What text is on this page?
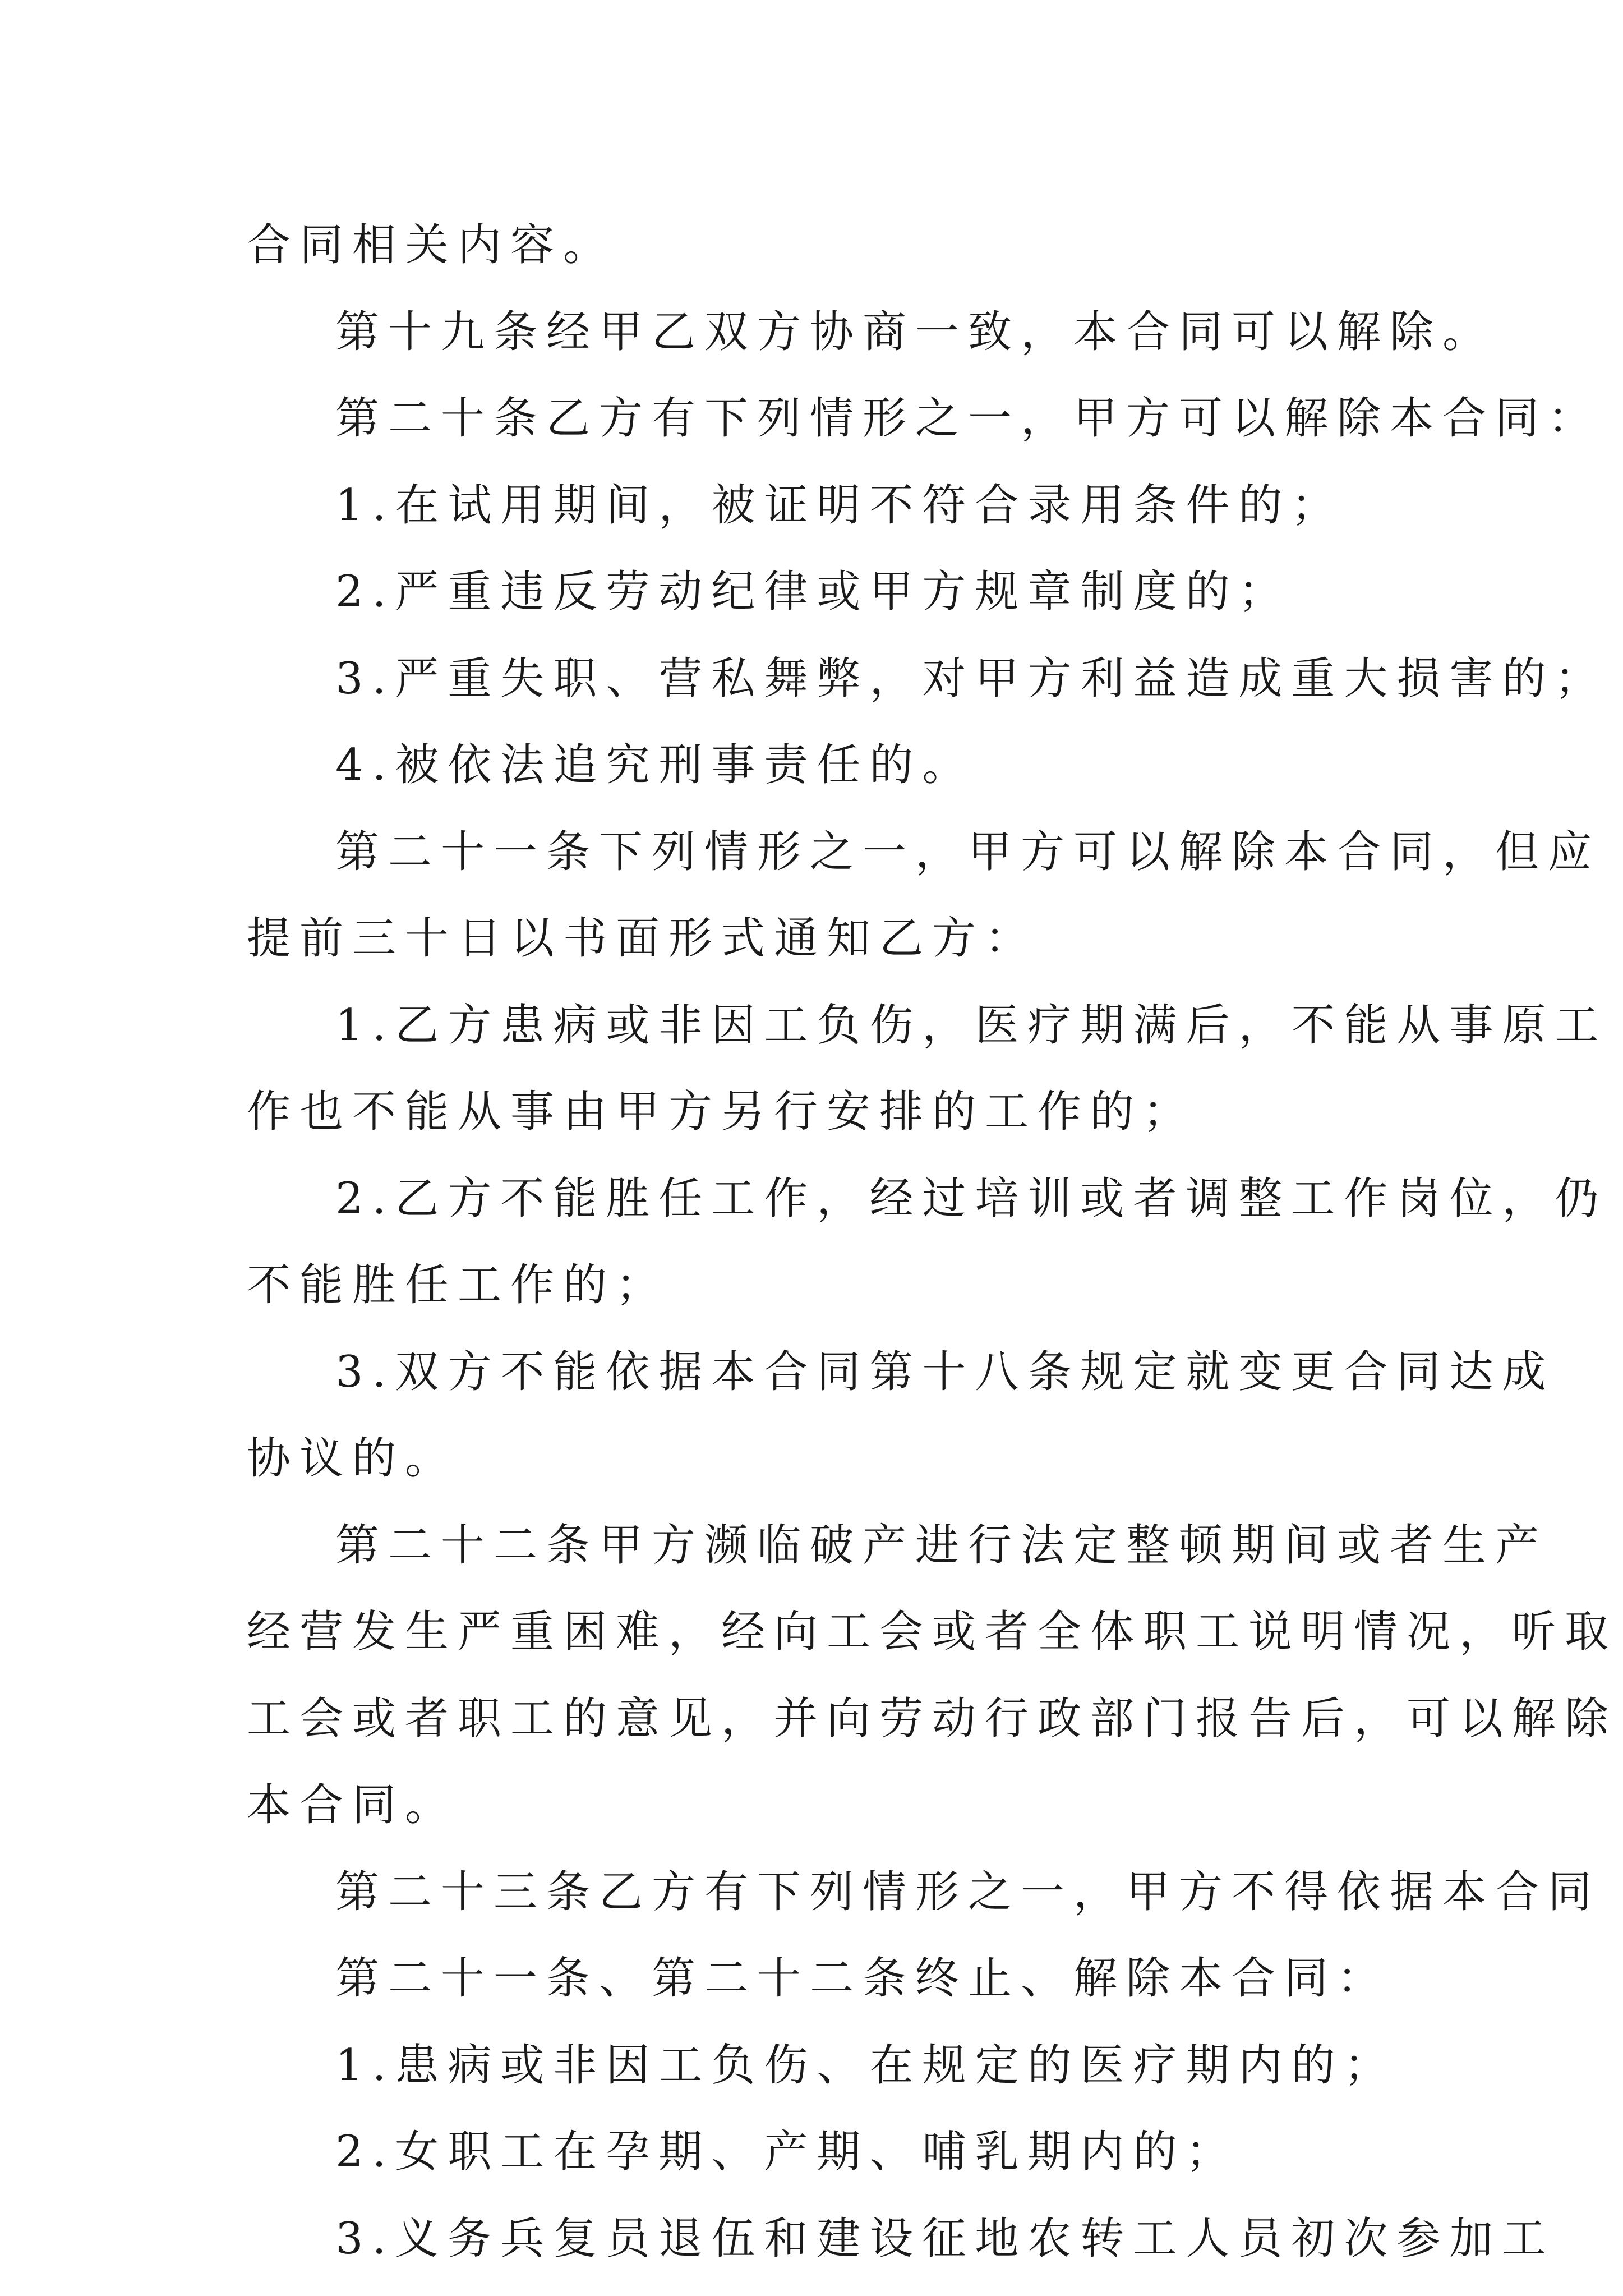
合同相关内容。

第十九条经甲乙双方协商一致，本合同可以解除。

第二十条乙方有下列情形之一，甲方可以解除本合同：

1.在试用期间，被证明不符合录用条件的；

2.严重违反劳动纪律或甲方规章制度的；

3.严重失职、营私舞弊，对甲方利益造成重大损害的；

4.被依法追究刑事责任的。

第二十一条下列情形之一，甲方可以解除本合同，但应

提前三十日以书面形式通知乙方：

1.乙方患病或非因工负伤，医疗期满后，不能从事原工

作也不能从事由甲方另行安排的工作的；

2.乙方不能胜任工作，经过培训或者调整工作岗位，仍

不能胜任工作的；

3.双方不能依据本合同第十八条规定就变更合同达成

协议的。

第二十二条甲方濒临破产进行法定整顿期间或者生产

经营发生严重困难，经向工会或者全体职工说明情况，听取

工会或者职工的意见，并向劳动行政部门报告后，可以解除

本合同。

第二十三条乙方有下列情形之一，甲方不得依据本合同

第二十一条、第二十二条终止、解除本合同：

1.患病或非因工负伤、在规定的医疗期内的；

2.女职工在孕期、产期、哺乳期内的；

3.义务兵复员退伍和建设征地农转工人员初次参加工
